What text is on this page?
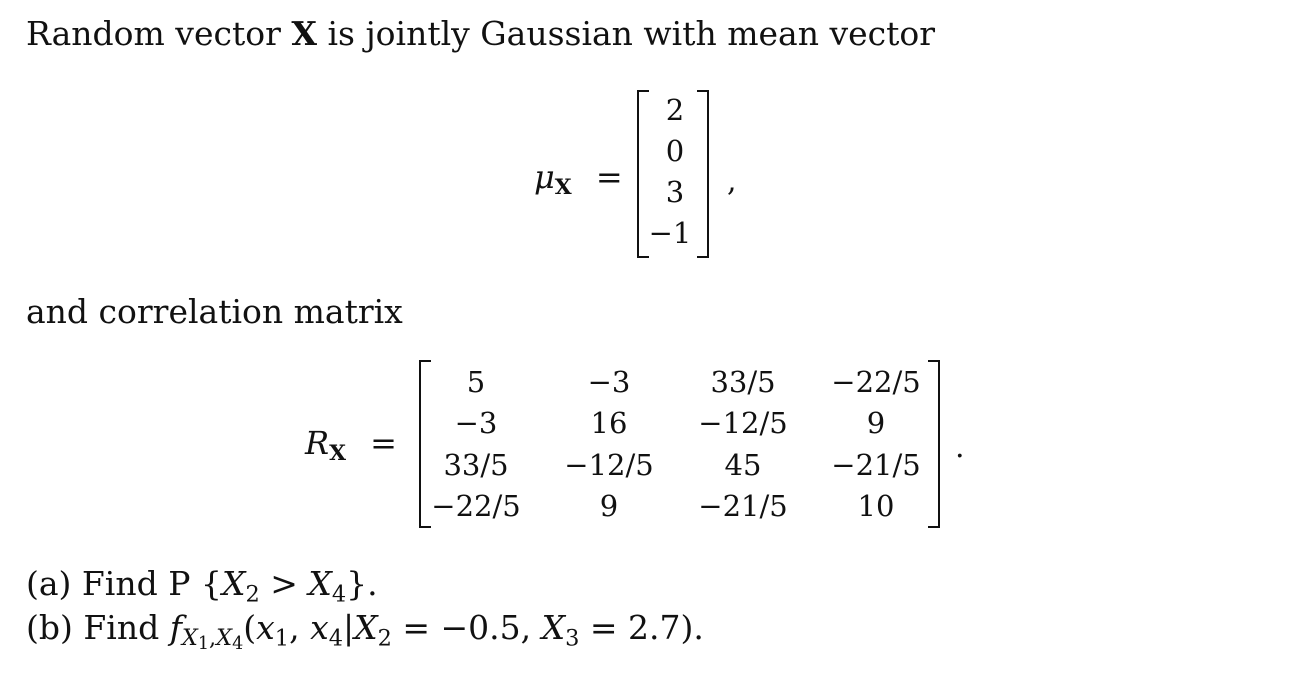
Random vector X is jointly Gaussian with mean vector
μX =
2
0
3
−1
,
and correlation matrix
RX =
5	−3	33/5 −22/5
−3	16 −12/5	9
33/5 −12/5 45 −21/5
−22/5	9	−21/5 10
.
(a) Find P $\{X_2 > X_4\}$.
(b) Find $f_{X1,X4}(x_1$, $x_4|X_2 = -0.5$, $X_3 = 2.7$).
